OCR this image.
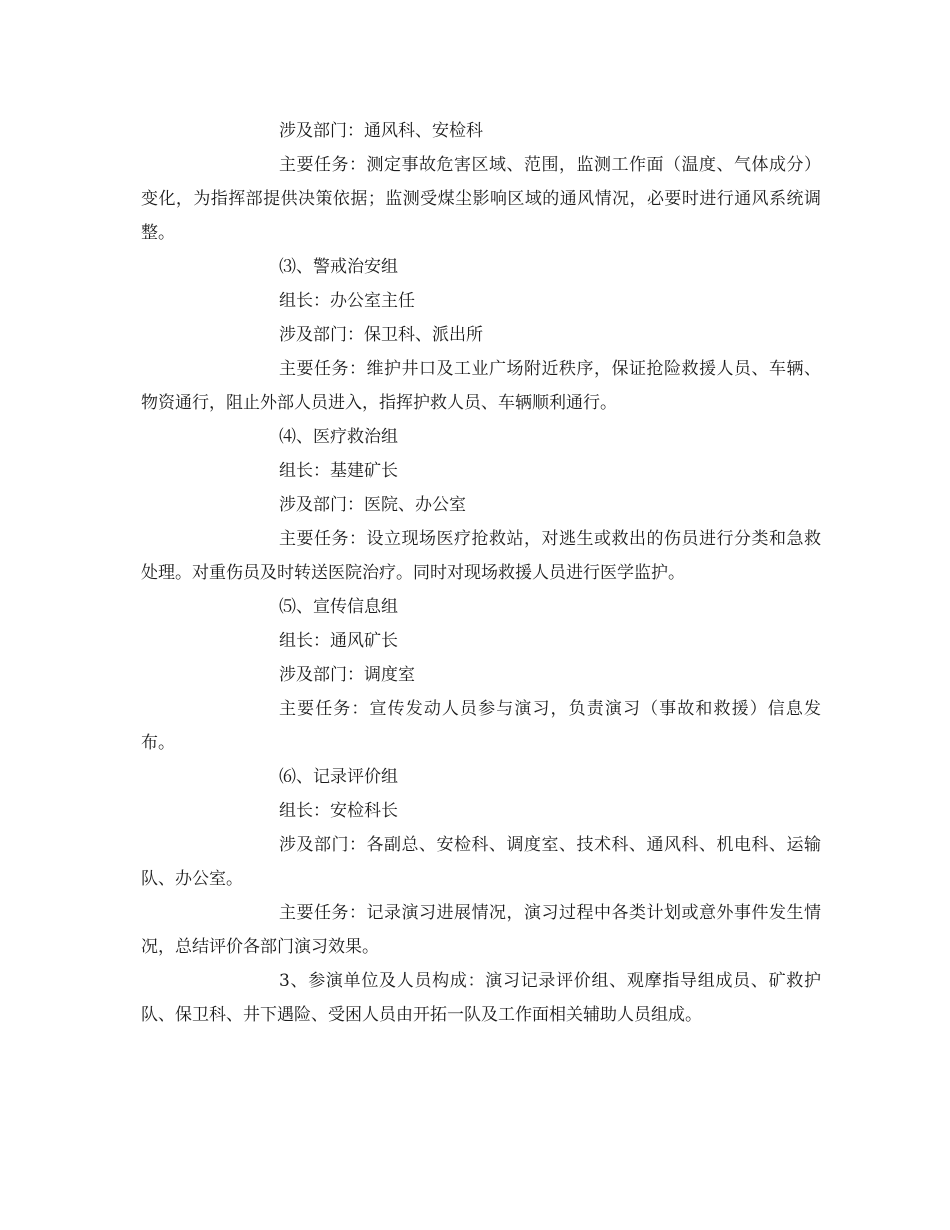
涉及部门：通风科、安检科

主要任务：测定事故危害区域、范围，监测工作面（温度、气体成分）变化，为指挥部提供决策依据；监测受煤尘影响区域的通风情况，必要时进行通风系统调整。

⑶、警戒治安组

组长：办公室主任

涉及部门：保卫科、派出所

主要任务：维护井口及工业广场附近秩序，保证抢险救援人员、车辆、物资通行，阻止外部人员进入，指挥护救人员、车辆顺利通行。

⑷、医疗救治组

组长：基建矿长

涉及部门：医院、办公室

主要任务：设立现场医疗抢救站，对逃生或救出的伤员进行分类和急救处理。对重伤员及时转送医院治疗。同时对现场救援人员进行医学监护。

⑸、宣传信息组

组长：通风矿长

涉及部门：调度室

主要任务：宣传发动人员参与演习，负责演习（事故和救援）信息发布。

⑹、记录评价组

组长：安检科长

涉及部门：各副总、安检科、调度室、技术科、通风科、机电科、运输队、办公室。

主要任务：记录演习进展情况，演习过程中各类计划或意外事件发生情况，总结评价各部门演习效果。

3、参演单位及人员构成：演习记录评价组、观摩指导组成员、矿救护队、保卫科、井下遇险、受困人员由开拓一队及工作面相关辅助人员组成。
